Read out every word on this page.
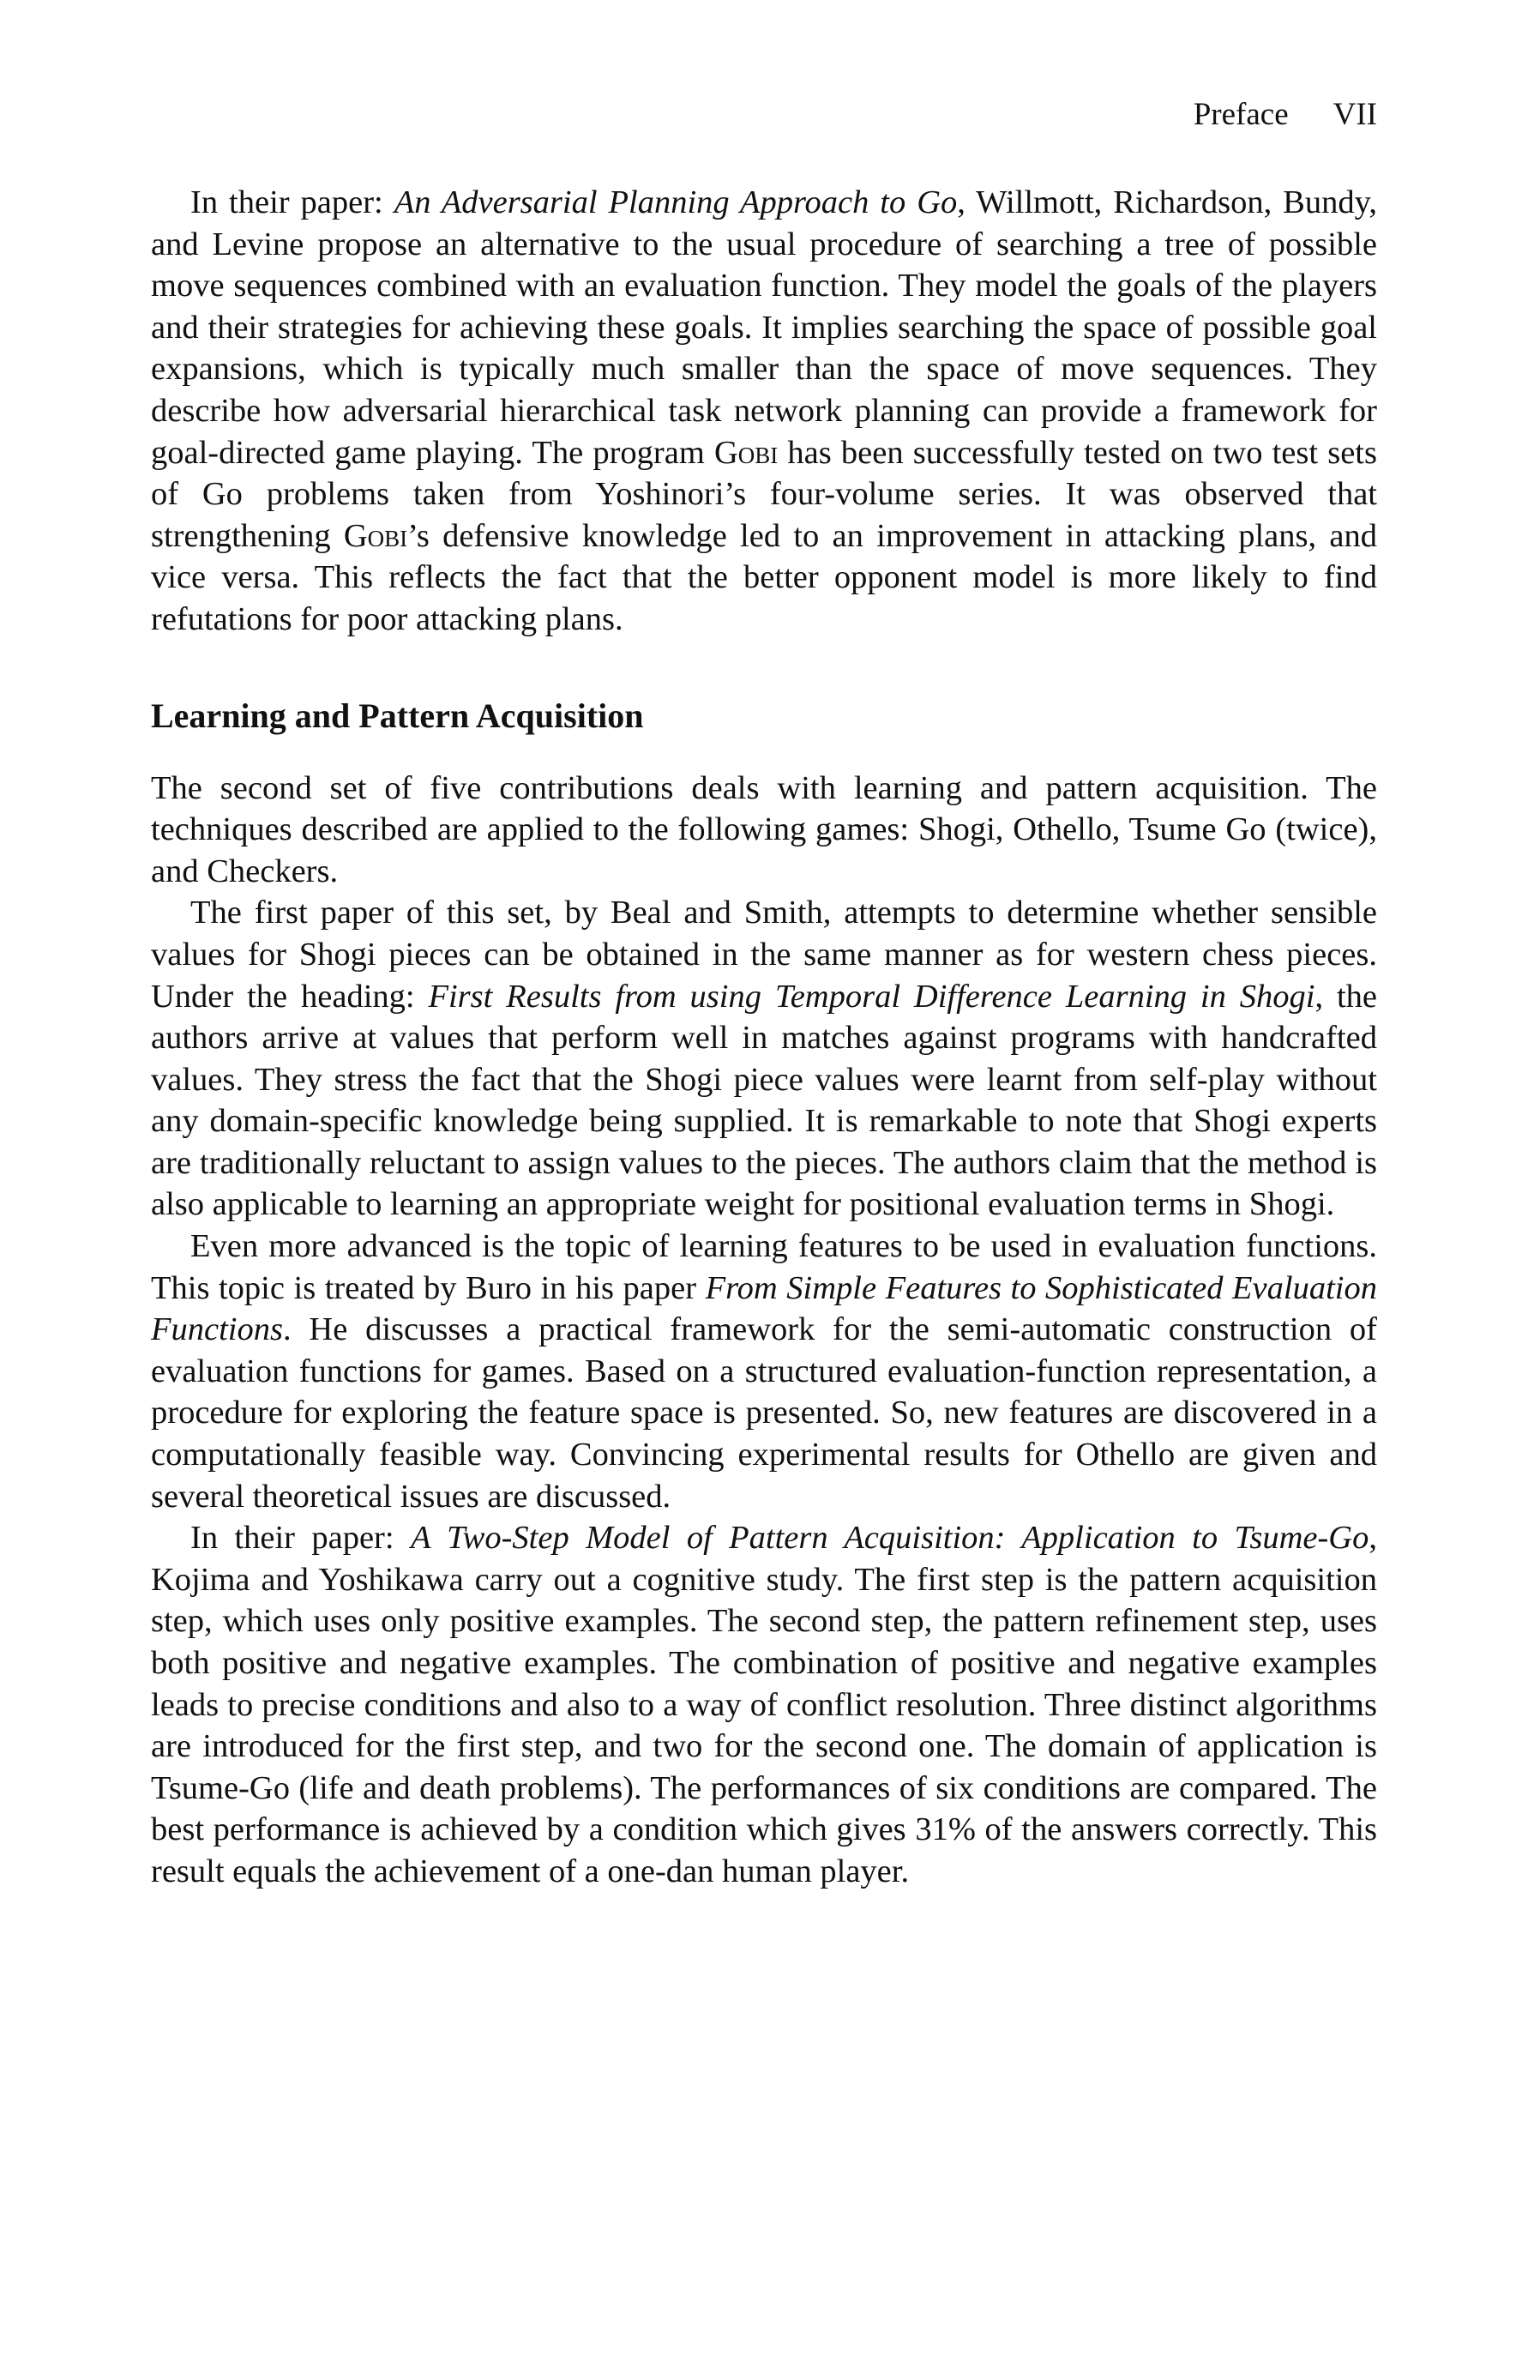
Preface VII

In their paper: An Adversarial Planning Approach to Go, Willmott, Richardson, Bundy, and Levine propose an alternative to the usual procedure of searching a tree of possible move sequences combined with an evaluation function. They model the goals of the players and their strategies for achieving these goals. It implies searching the space of possible goal expansions, which is typically much smaller than the space of move sequences. They describe how adversarial hierarchical task network planning can provide a framework for goal-directed game playing. The program Gobi has been successfully tested on two test sets of Go problems taken from Yoshinori’s four-volume series. It was observed that strengthening Gobi’s defensive knowledge led to an improvement in attacking plans, and vice versa. This reflects the fact that the better opponent model is more likely to find refutations for poor attacking plans.

Learning and Pattern Acquisition

The second set of five contributions deals with learning and pattern acquisition. The techniques described are applied to the following games: Shogi, Othello, Tsume Go (twice), and Checkers.

The first paper of this set, by Beal and Smith, attempts to determine whether sensible values for Shogi pieces can be obtained in the same manner as for western chess pieces. Under the heading: First Results from using Temporal Difference Learning in Shogi, the authors arrive at values that perform well in matches against programs with handcrafted values. They stress the fact that the Shogi piece values were learnt from self-play without any domain-specific knowledge being supplied. It is remarkable to note that Shogi experts are traditionally reluctant to assign values to the pieces. The authors claim that the method is also applicable to learning an appropriate weight for positional evaluation terms in Shogi.

Even more advanced is the topic of learning features to be used in evaluation functions. This topic is treated by Buro in his paper From Simple Features to Sophisticated Evaluation Functions. He discusses a practical framework for the semi-automatic construction of evaluation functions for games. Based on a structured evaluation-function representation, a procedure for exploring the feature space is presented. So, new features are discovered in a computationally feasible way. Convincing experimental results for Othello are given and several theoretical issues are discussed.

In their paper: A Two-Step Model of Pattern Acquisition: Application to Tsume-Go, Kojima and Yoshikawa carry out a cognitive study. The first step is the pattern acquisition step, which uses only positive examples. The second step, the pattern refinement step, uses both positive and negative examples. The combination of positive and negative examples leads to precise conditions and also to a way of conflict resolution. Three distinct algorithms are introduced for the first step, and two for the second one. The domain of application is Tsume-Go (life and death problems). The performances of six conditions are compared. The best performance is achieved by a condition which gives 31% of the answers correctly. This result equals the achievement of a one-dan human player.
